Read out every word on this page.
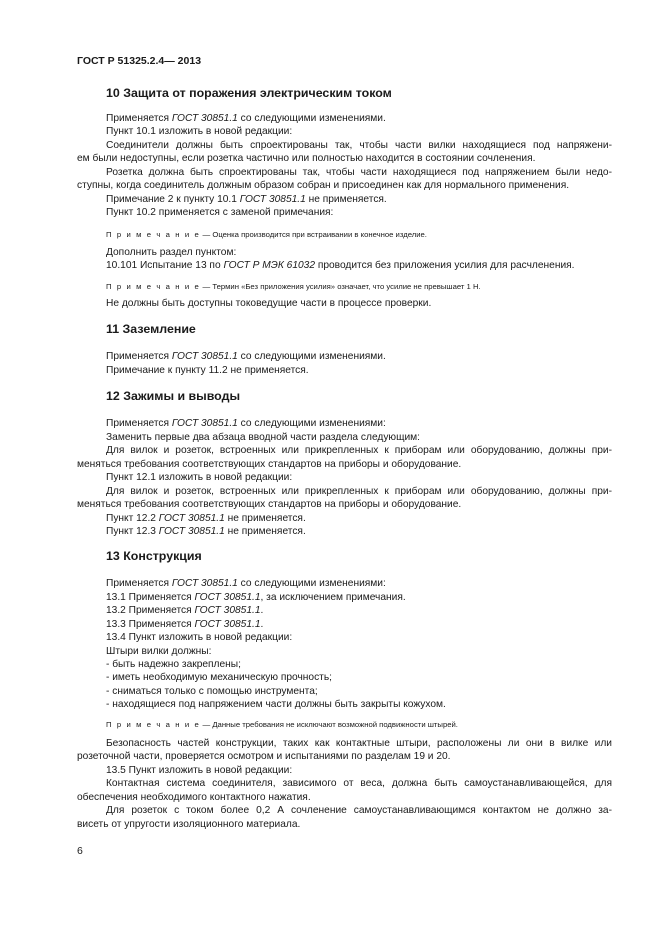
ГОСТ Р 51325.2.4— 2013
10 Защита от поражения электрическим током
Применяется ГОСТ 30851.1 со следующими изменениями.
Пункт 10.1 изложить в новой редакции:
Соединители должны быть спроектированы так, чтобы части вилки находящиеся под напряжени-
ем были недоступны, если розетка частично или полностью находится в состоянии сочленения.
Розетка должна быть спроектированы так, чтобы части находящиеся под напряжением были недо-
ступны, когда соединитель должным образом собран и присоединен как для нормального применения.
Примечание 2 к пункту 10.1 ГОСТ 30851.1 не применяется.
Пункт 10.2 применяется с заменой примечания:
П р и м е ч а н и е — Оценка производится при встраивании в конечное изделие.
Дополнить раздел пунктом:
10.101 Испытание 13 по ГОСТ Р МЭК 61032 проводится без приложения усилия для расчленения.
П р и м е ч а н и е — Термин «Без приложения усилия» означает, что усилие не превышает 1 Н.
Не должны быть доступны токоведущие части в процессе проверки.
11 Заземление
Применяется ГОСТ 30851.1 со следующими изменениями.
Примечание к пункту 11.2 не применяется.
12 Зажимы и выводы
Применяется ГОСТ 30851.1 со следующими изменениями:
Заменить первые два абзаца вводной части раздела следующим:
Для вилок и розеток, встроенных или прикрепленных к приборам или оборудованию, должны при-
меняться требования соответствующих стандартов на приборы и оборудование.
Пункт 12.1 изложить в новой редакции:
Для вилок и розеток, встроенных или прикрепленных к приборам или оборудованию, должны при-
меняться требования соответствующих стандартов на приборы и оборудование.
Пункт 12.2 ГОСТ 30851.1 не применяется.
Пункт 12.3 ГОСТ 30851.1 не применяется.
13 Конструкция
Применяется ГОСТ 30851.1 со следующими изменениями:
13.1 Применяется ГОСТ 30851.1, за исключением примечания.
13.2 Применяется ГОСТ 30851.1.
13.3 Применяется ГОСТ 30851.1.
13.4 Пункт изложить в новой редакции:
Штыри вилки должны:
- быть надежно закреплены;
- иметь необходимую механическую прочность;
- сниматься только с помощью инструмента;
- находящиеся под напряжением части должны быть закрыты кожухом.
П р и м е ч а н и е — Данные требования не исключают возможной подвижности штырей.
Безопасность частей конструкции, таких как контактные штыри, расположены ли они в вилке или
розеточной части, проверяется осмотром и испытаниями по разделам 19 и 20.
13.5 Пункт изложить в новой редакции:
Контактная система соединителя, зависимого от веса, должна быть самоустанавливающейся, для
обеспечения необходимого контактного нажатия.
Для розеток с током более 0,2 А сочленение самоустанавливающимся контактом не должно за-
висеть от упругости изоляционного материала.
6
